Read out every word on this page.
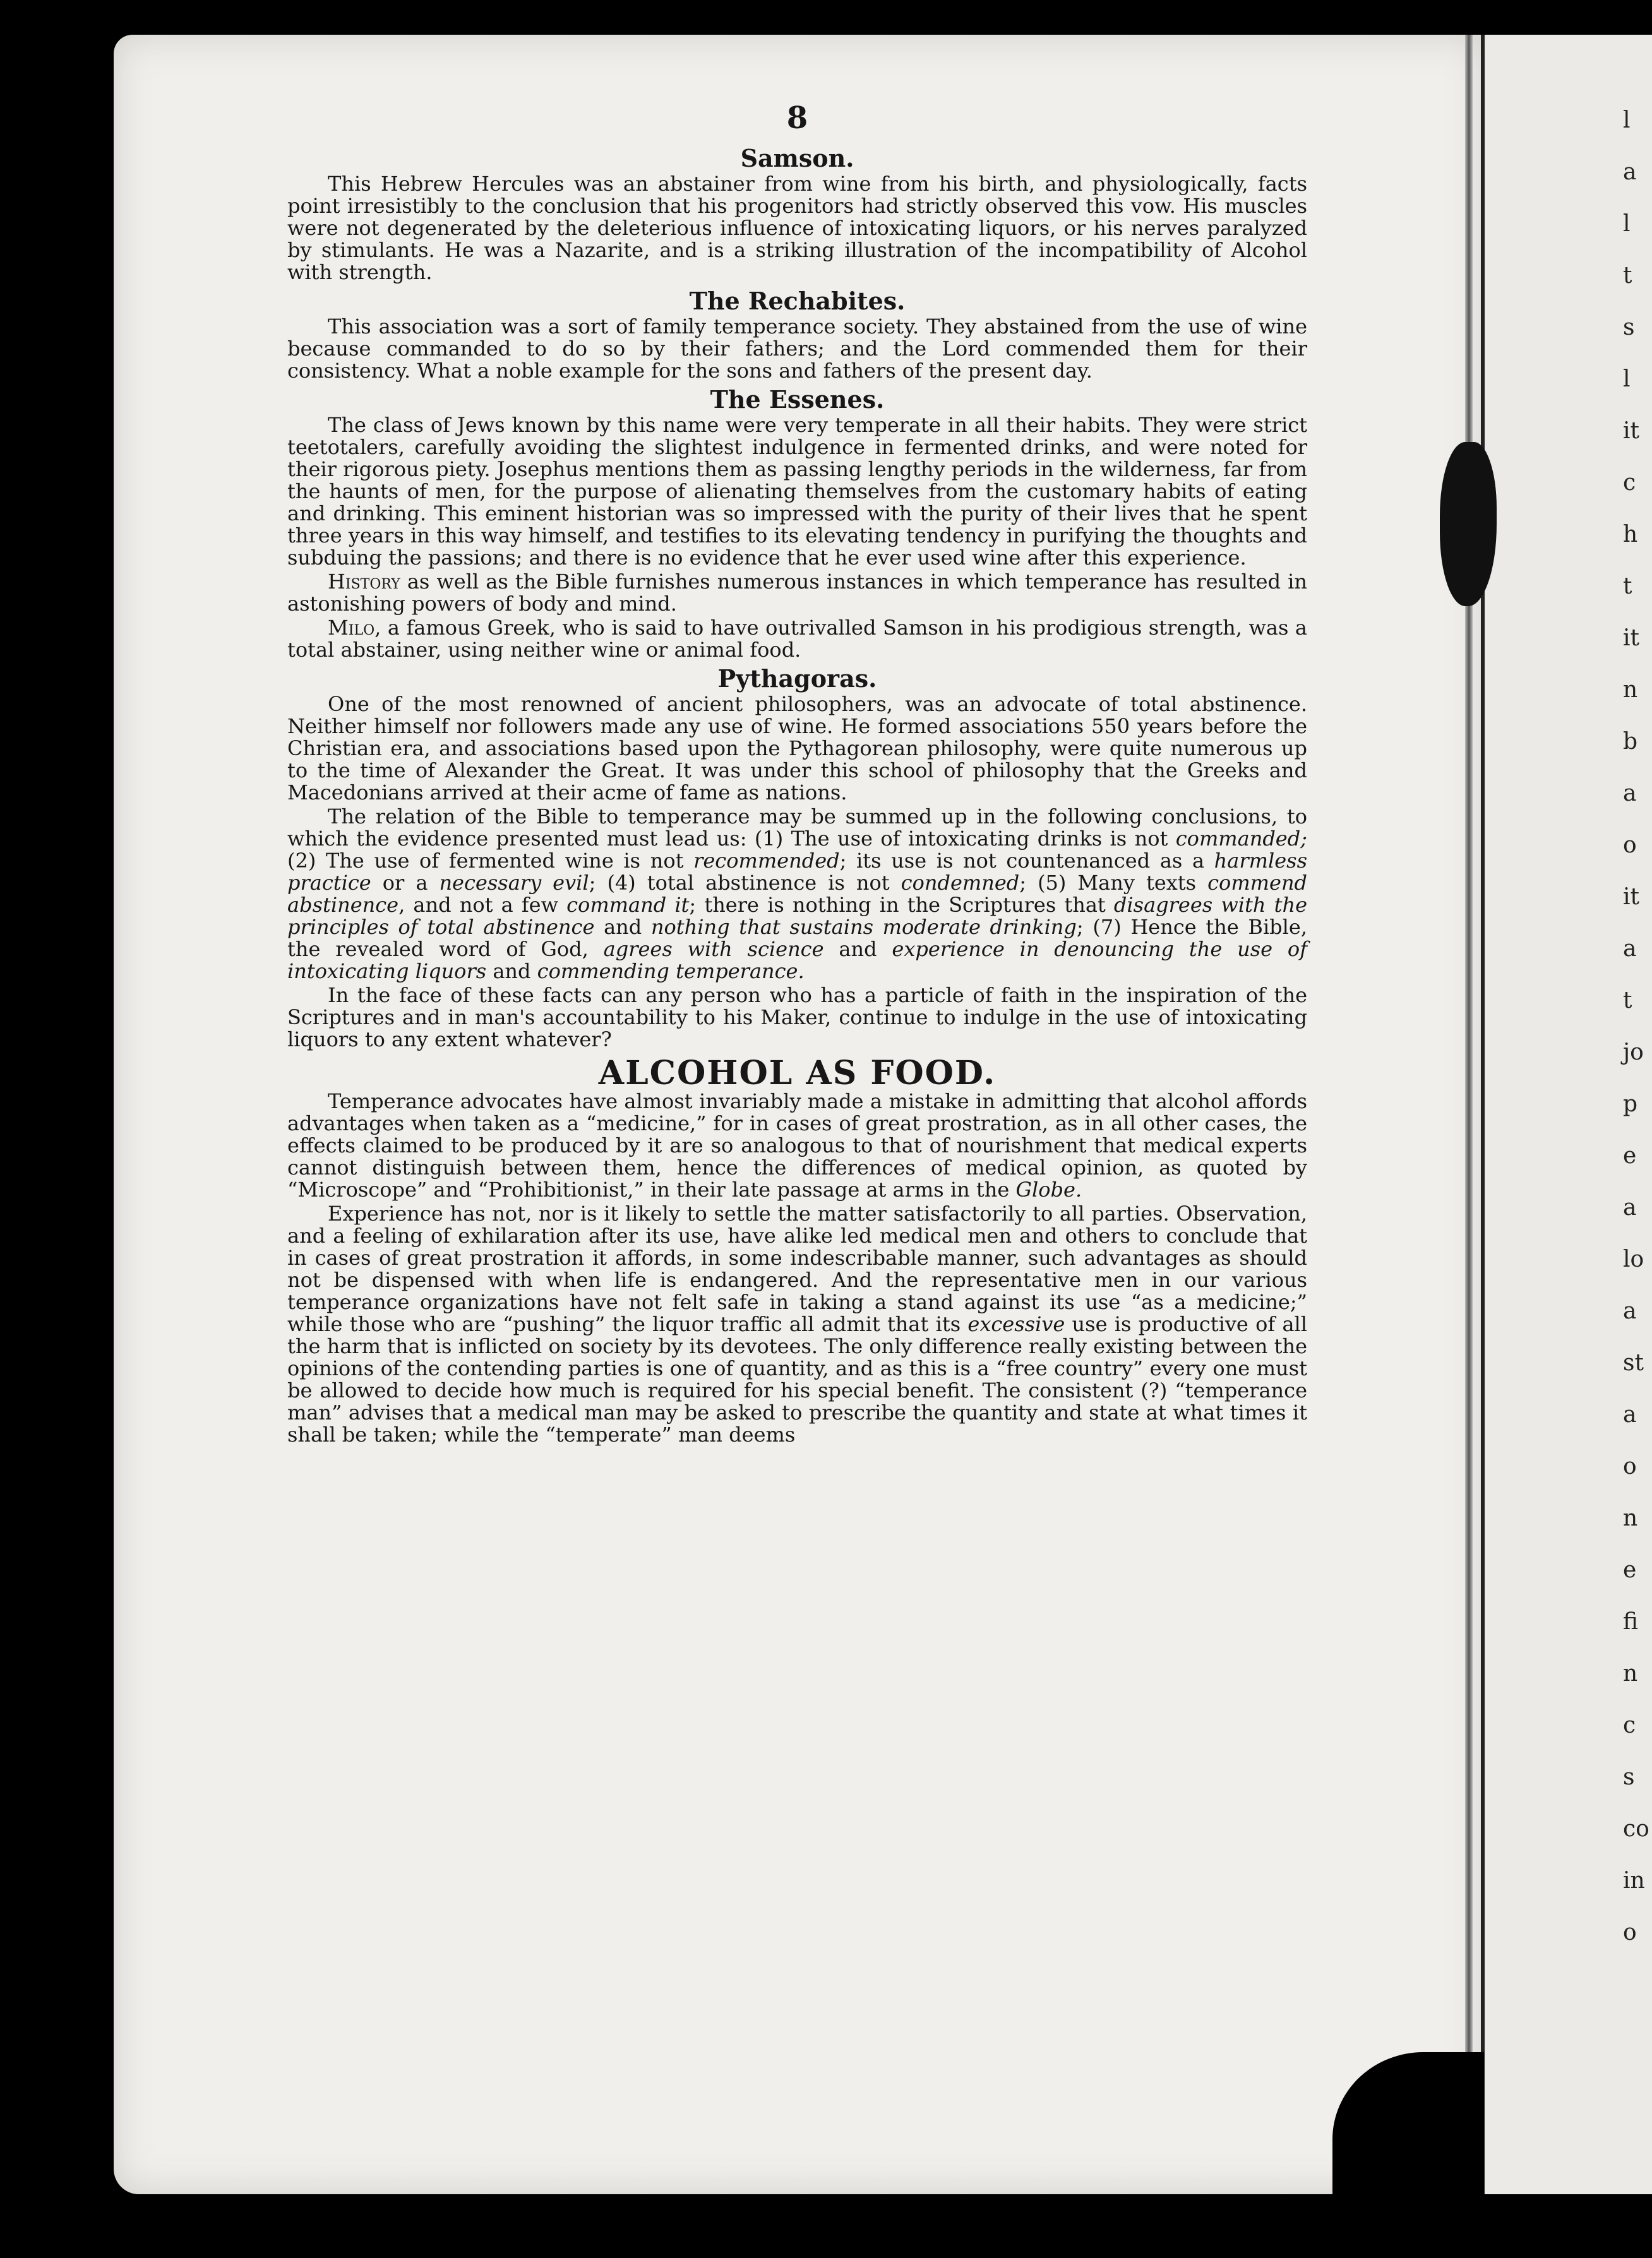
l
a
l
t
s
l
it
c
h
t
it
n
b
a
o
it
a
t
jo
p
e
a
lo
a
st
a
o
n
e
fi
n
c
s
co
in
o
8
Samson.
This Hebrew Hercules was an abstainer from wine from his birth, and physiologically, facts point irresistibly to the conclusion that his progenitors had strictly observed this vow. His muscles were not degenerated by the deleterious influence of intoxicating liquors, or his nerves paralyzed by stimulants. He was a Nazarite, and is a striking illustration of the incompatibility of Alcohol with strength.
The Rechabites.
This association was a sort of family temperance society. They abstained from the use of wine because commanded to do so by their fathers; and the Lord commended them for their consistency. What a noble example for the sons and fathers of the present day.
The Essenes.
The class of Jews known by this name were very temperate in all their habits. They were strict teetotalers, carefully avoiding the slightest indulgence in fermented drinks, and were noted for their rigorous piety. Josephus mentions them as passing lengthy periods in the wilderness, far from the haunts of men, for the purpose of alienating themselves from the customary habits of eating and drinking. This eminent historian was so impressed with the purity of their lives that he spent three years in this way himself, and testifies to its elevating tendency in purifying the thoughts and subduing the passions; and there is no evidence that he ever used wine after this experience.
History as well as the Bible furnishes numerous instances in which temperance has resulted in astonishing powers of body and mind.
Milo, a famous Greek, who is said to have outrivalled Samson in his prodigious strength, was a total abstainer, using neither wine or animal food.
Pythagoras.
One of the most renowned of ancient philosophers, was an advocate of total abstinence. Neither himself nor followers made any use of wine. He formed associations 550 years before the Christian era, and associations based upon the Pythagorean philosophy, were quite numerous up to the time of Alexander the Great. It was under this school of philosophy that the Greeks and Macedonians arrived at their acme of fame as nations.
The relation of the Bible to temperance may be summed up in the following conclusions, to which the evidence presented must lead us: (1) The use of intoxicating drinks is not commanded; (2) The use of fermented wine is not recommended; its use is not countenanced as a harmless practice or a necessary evil; (4) total abstinence is not condemned; (5) Many texts commend abstinence, and not a few command it; there is nothing in the Scriptures that disagrees with the principles of total abstinence and nothing that sustains moderate drinking; (7) Hence the Bible, the revealed word of God, agrees with science and experience in denouncing the use of intoxicating liquors and commending temperance.
In the face of these facts can any person who has a particle of faith in the inspiration of the Scriptures and in man's accountability to his Maker, continue to indulge in the use of intoxicating liquors to any extent whatever?
ALCOHOL AS FOOD.
Temperance advocates have almost invariably made a mistake in admitting that alcohol affords advantages when taken as a “medicine,” for in cases of great prostration, as in all other cases, the effects claimed to be produced by it are so analogous to that of nourishment that medical experts cannot distinguish between them, hence the differences of medical opinion, as quoted by “Microscope” and “Prohibitionist,” in their late passage at arms in the Globe.
Experience has not, nor is it likely to settle the matter satisfactorily to all parties. Observation, and a feeling of exhilaration after its use, have alike led medical men and others to conclude that in cases of great prostration it affords, in some indescribable manner, such advantages as should not be dispensed with when life is endangered. And the representative men in our various temperance organizations have not felt safe in taking a stand against its use “as a medicine;” while those who are “pushing” the liquor traffic all admit that its excessive use is productive of all the harm that is inflicted on society by its devotees. The only difference really existing between the opinions of the contending parties is one of quantity, and as this is a “free country” every one must be allowed to decide how much is required for his special benefit. The consistent (?) “temperance man” advises that a medical man may be asked to prescribe the quantity and state at what times it shall be taken; while the “temperate” man deems
